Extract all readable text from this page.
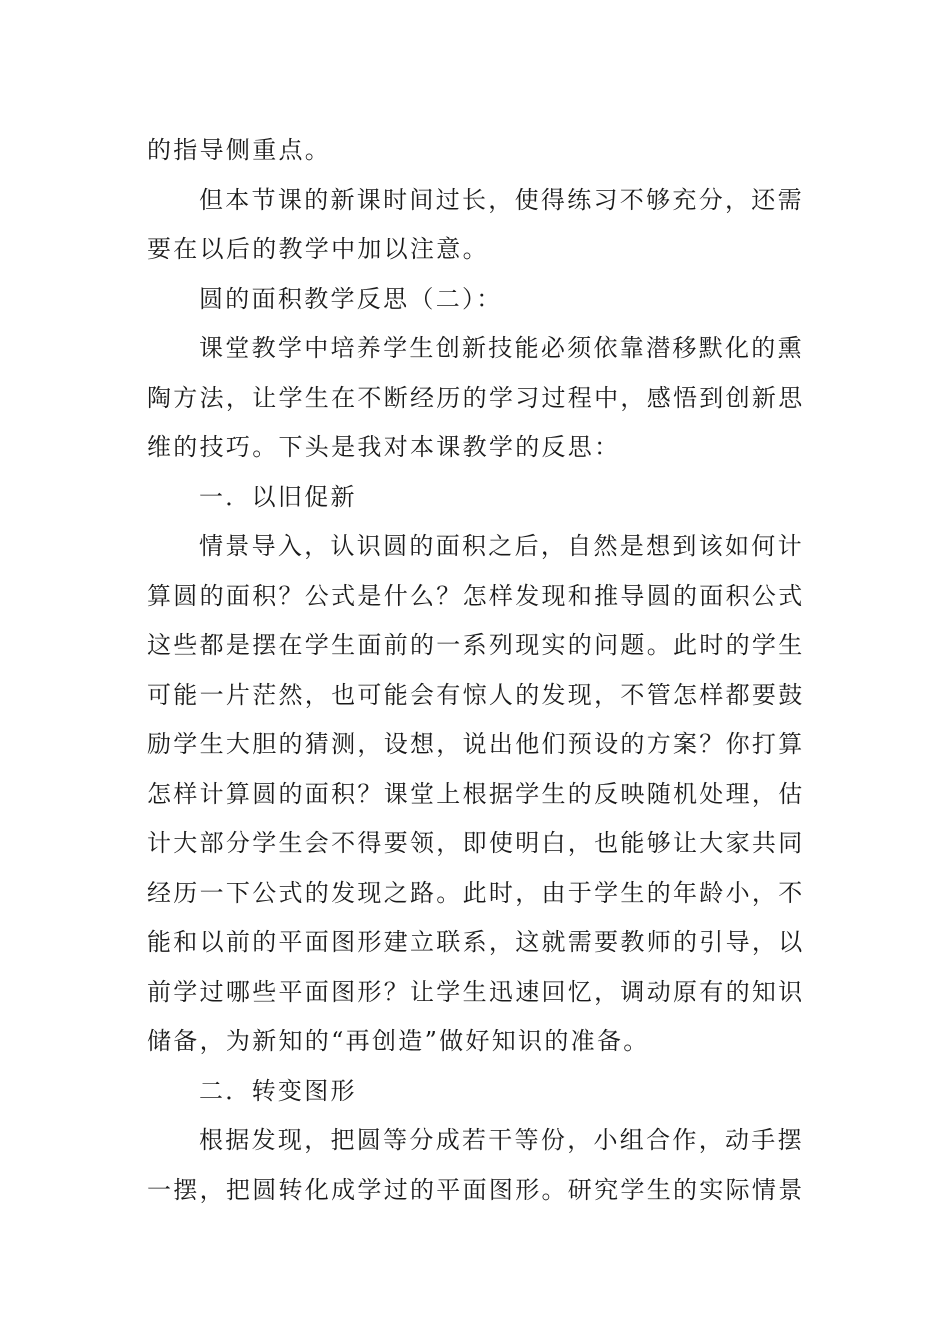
的指导侧重点。
但本节课的新课时间过长，使得练习不够充分，还需
要在以后的教学中加以注意。
圆的面积教学反思（二）：
课堂教学中培养学生创新技能必须依靠潜移默化的熏
陶方法，让学生在不断经历的学习过程中，感悟到创新思
维的技巧。下头是我对本课教学的反思：
一．以旧促新
情景导入，认识圆的面积之后，自然是想到该如何计
算圆的面积？公式是什么？怎样发现和推导圆的面积公式
这些都是摆在学生面前的一系列现实的问题。此时的学生
可能一片茫然，也可能会有惊人的发现，不管怎样都要鼓
励学生大胆的猜测，设想，说出他们预设的方案？你打算
怎样计算圆的面积？课堂上根据学生的反映随机处理，估
计大部分学生会不得要领，即使明白，也能够让大家共同
经历一下公式的发现之路。此时，由于学生的年龄小，不
能和以前的平面图形建立联系，这就需要教师的引导，以
前学过哪些平面图形？让学生迅速回忆，调动原有的知识
储备，为新知的“再创造”做好知识的准备。
二．转变图形
根据发现，把圆等分成若干等份，小组合作，动手摆
一摆，把圆转化成学过的平面图形。研究学生的实际情景
